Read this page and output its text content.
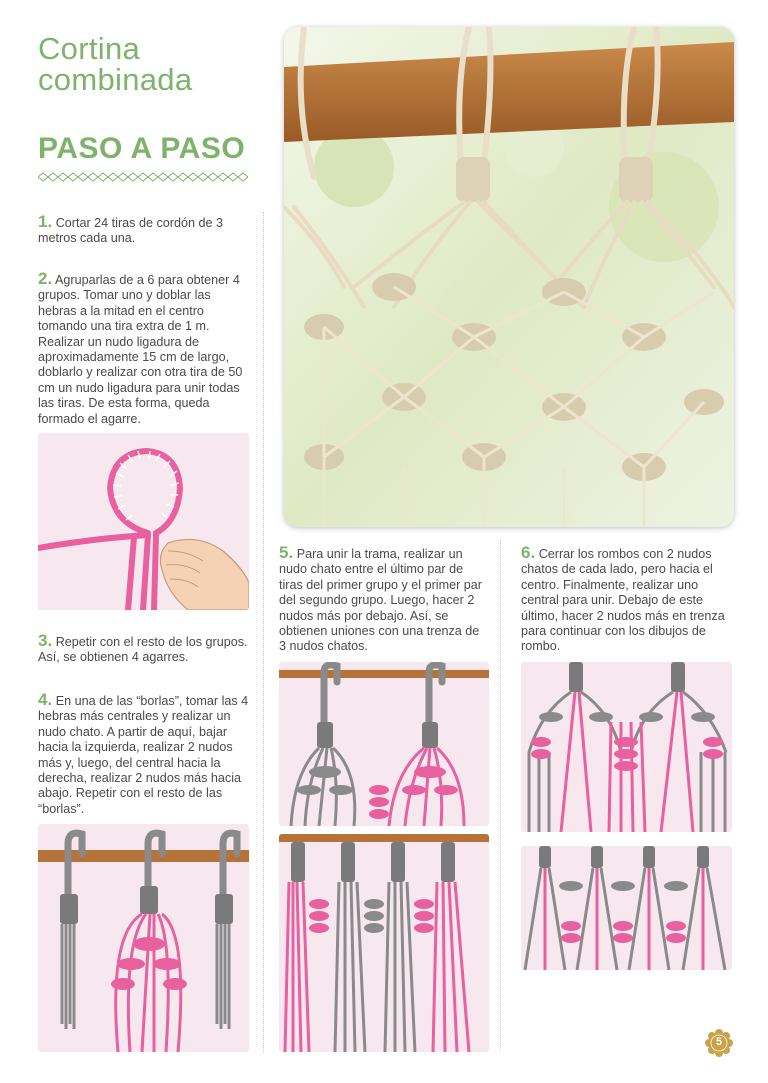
Cortina
combinada
PASO A PASO

1. Cortar 24 tiras de cordón de 3 metros cada una.

2. Agruparlas de a 6 para obtener 4 grupos. Tomar uno y doblar las hebras a la mitad en el centro tomando una tira extra de 1 m. Realizar un nudo ligadura de aproximadamente 15 cm de largo, doblarlo y realizar con otra tira de 50 cm un nudo ligadura para unir todas las tiras. De esta forma, queda formado el agarre.

3. Repetir con el resto de los grupos. Así, se obtienen 4 agarres.

4. En una de las “borlas”, tomar las 4 hebras más centrales y realizar un nudo chato. A partir de aquí, bajar hacia la izquierda, realizar 2 nudos más y, luego, del central hacia la derecha, realizar 2 nudos más hacia abajo. Repetir con el resto de las “borlas”.

5. Para unir la trama, realizar un nudo chato entre el último par de tiras del primer grupo y el primer par del segundo grupo. Luego, hacer 2 nudos más por debajo. Así, se obtienen uniones con una trenza de 3 nudos chatos.

6. Cerrar los rombos con 2 nudos chatos de cada lado, pero hacia el centro. Finalmente, realizar uno central para unir. Debajo de este último, hacer 2 nudos más en trenza para continuar con los dibujos de rombo.

5
